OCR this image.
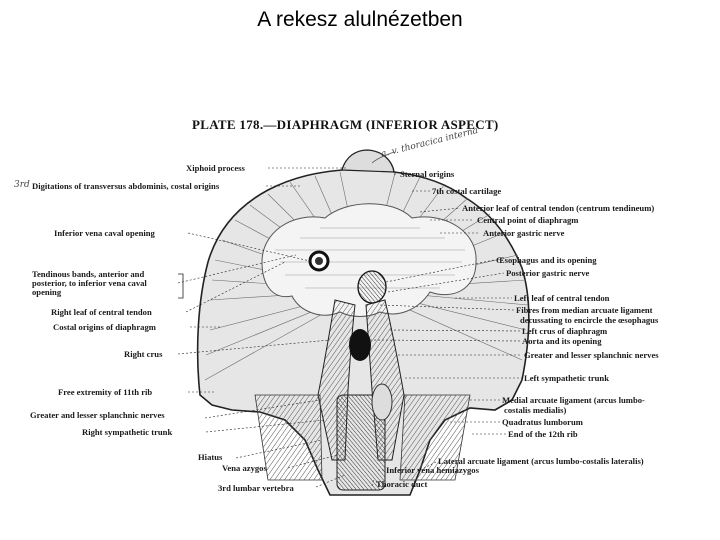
A rekesz alulnézetben
PLATE 178.—DIAPHRAGM (INFERIOR ASPECT)
a. v. thoracica interna
3rd
Xiphoid process
Digitations of transversus abdominis, costal origins
Inferior vena caval opening
Tendinous bands, anterior and
posterior, to inferior vena caval
opening
Right leaf of central tendon
Costal origins of diaphragm
Right crus
Free extremity of 11th rib
Greater and lesser splanchnic nerves
Right sympathetic trunk
Hiatus
Vena azygos
3rd lumbar vertebra
Sternal origins
7th costal cartilage
Anterior leaf of central tendon (centrum tendineum)
Central point of diaphragm
Anterior gastric nerve
Œsophagus and its opening
Posterior gastric nerve
Left leaf of central tendon
Fibres from median arcuate ligament
decussating to encircle the œsophagus
Left crus of diaphragm
Aorta and its opening
Greater and lesser splanchnic nerves
Left sympathetic trunk
Medial arcuate ligament (arcus lumbo-
costalis medialis)
Quadratus lumborum
End of the 12th rib
Lateral arcuate ligament (arcus lumbo-costalis lateralis)
Inferior vena hemiazygos
Thoracic duct
